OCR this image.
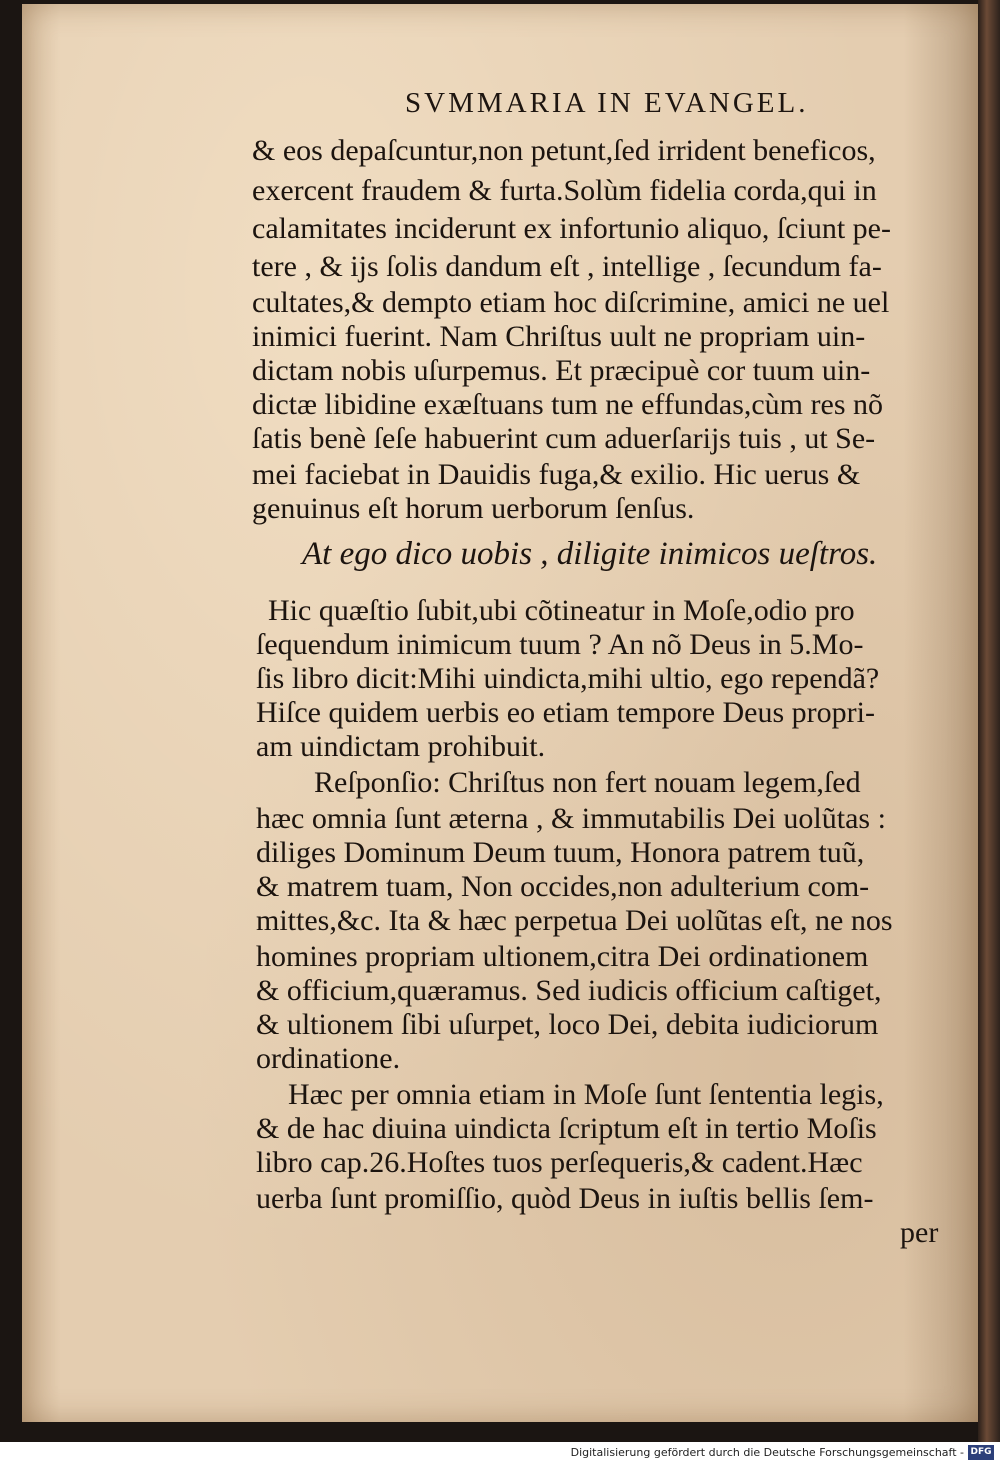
SVMMARIA IN EVANGEL.
& eos depaſcuntur,non petunt,ſed irrident beneficos,
exercent fraudem & furta.Solùm fidelia corda,qui in
calamitates inciderunt ex infortunio aliquo, ſciunt pe-
tere , & ijs ſolis dandum eſt , intellige , ſecundum fa-
cultates,& dempto etiam hoc diſcrimine, amici ne uel
inimici fuerint. Nam Chriſtus uult ne propriam uin-
dictam nobis uſurpemus. Et præcipuè cor tuum uin-
dictæ libidine exæſtuans tum ne effundas,cùm res nõ
ſatis benè ſeſe habuerint cum aduerſarijs tuis , ut Se-
mei faciebat in Dauidis fuga,& exilio. Hic uerus &
genuinus eſt horum uerborum ſenſus.
At ego dico uobis , diligite inimicos ueſtros.
Hic quæſtio ſubit,ubi cõtineatur in Moſe,odio pro
ſequendum inimicum tuum ? An nõ Deus in 5.Mo-
ſis libro dicit:Mihi uindicta,mihi ultio, ego rependã?
Hiſce quidem uerbis eo etiam tempore Deus propri-
am uindictam prohibuit.
Reſponſio: Chriſtus non fert nouam legem,ſed
hæc omnia ſunt æterna , & immutabilis Dei uolũtas :
diliges Dominum Deum tuum, Honora patrem tuũ,
& matrem tuam, Non occides,non adulterium com-
mittes,&c. Ita & hæc perpetua Dei uolũtas eſt, ne nos
homines propriam ultionem,citra Dei ordinationem
& officium,quæramus. Sed iudicis officium caſtiget,
& ultionem ſibi uſurpet, loco Dei, debita iudiciorum
ordinatione.
Hæc per omnia etiam in Moſe ſunt ſententia legis,
& de hac diuina uindicta ſcriptum eſt in tertio Moſis
libro cap.26.Hoſtes tuos perſequeris,& cadent.Hæc
uerba ſunt promiſſio, quòd Deus in iuſtis bellis ſem-
per
Digitalisierung gefördert durch die Deutsche Forschungsgemeinschaft - DFG
